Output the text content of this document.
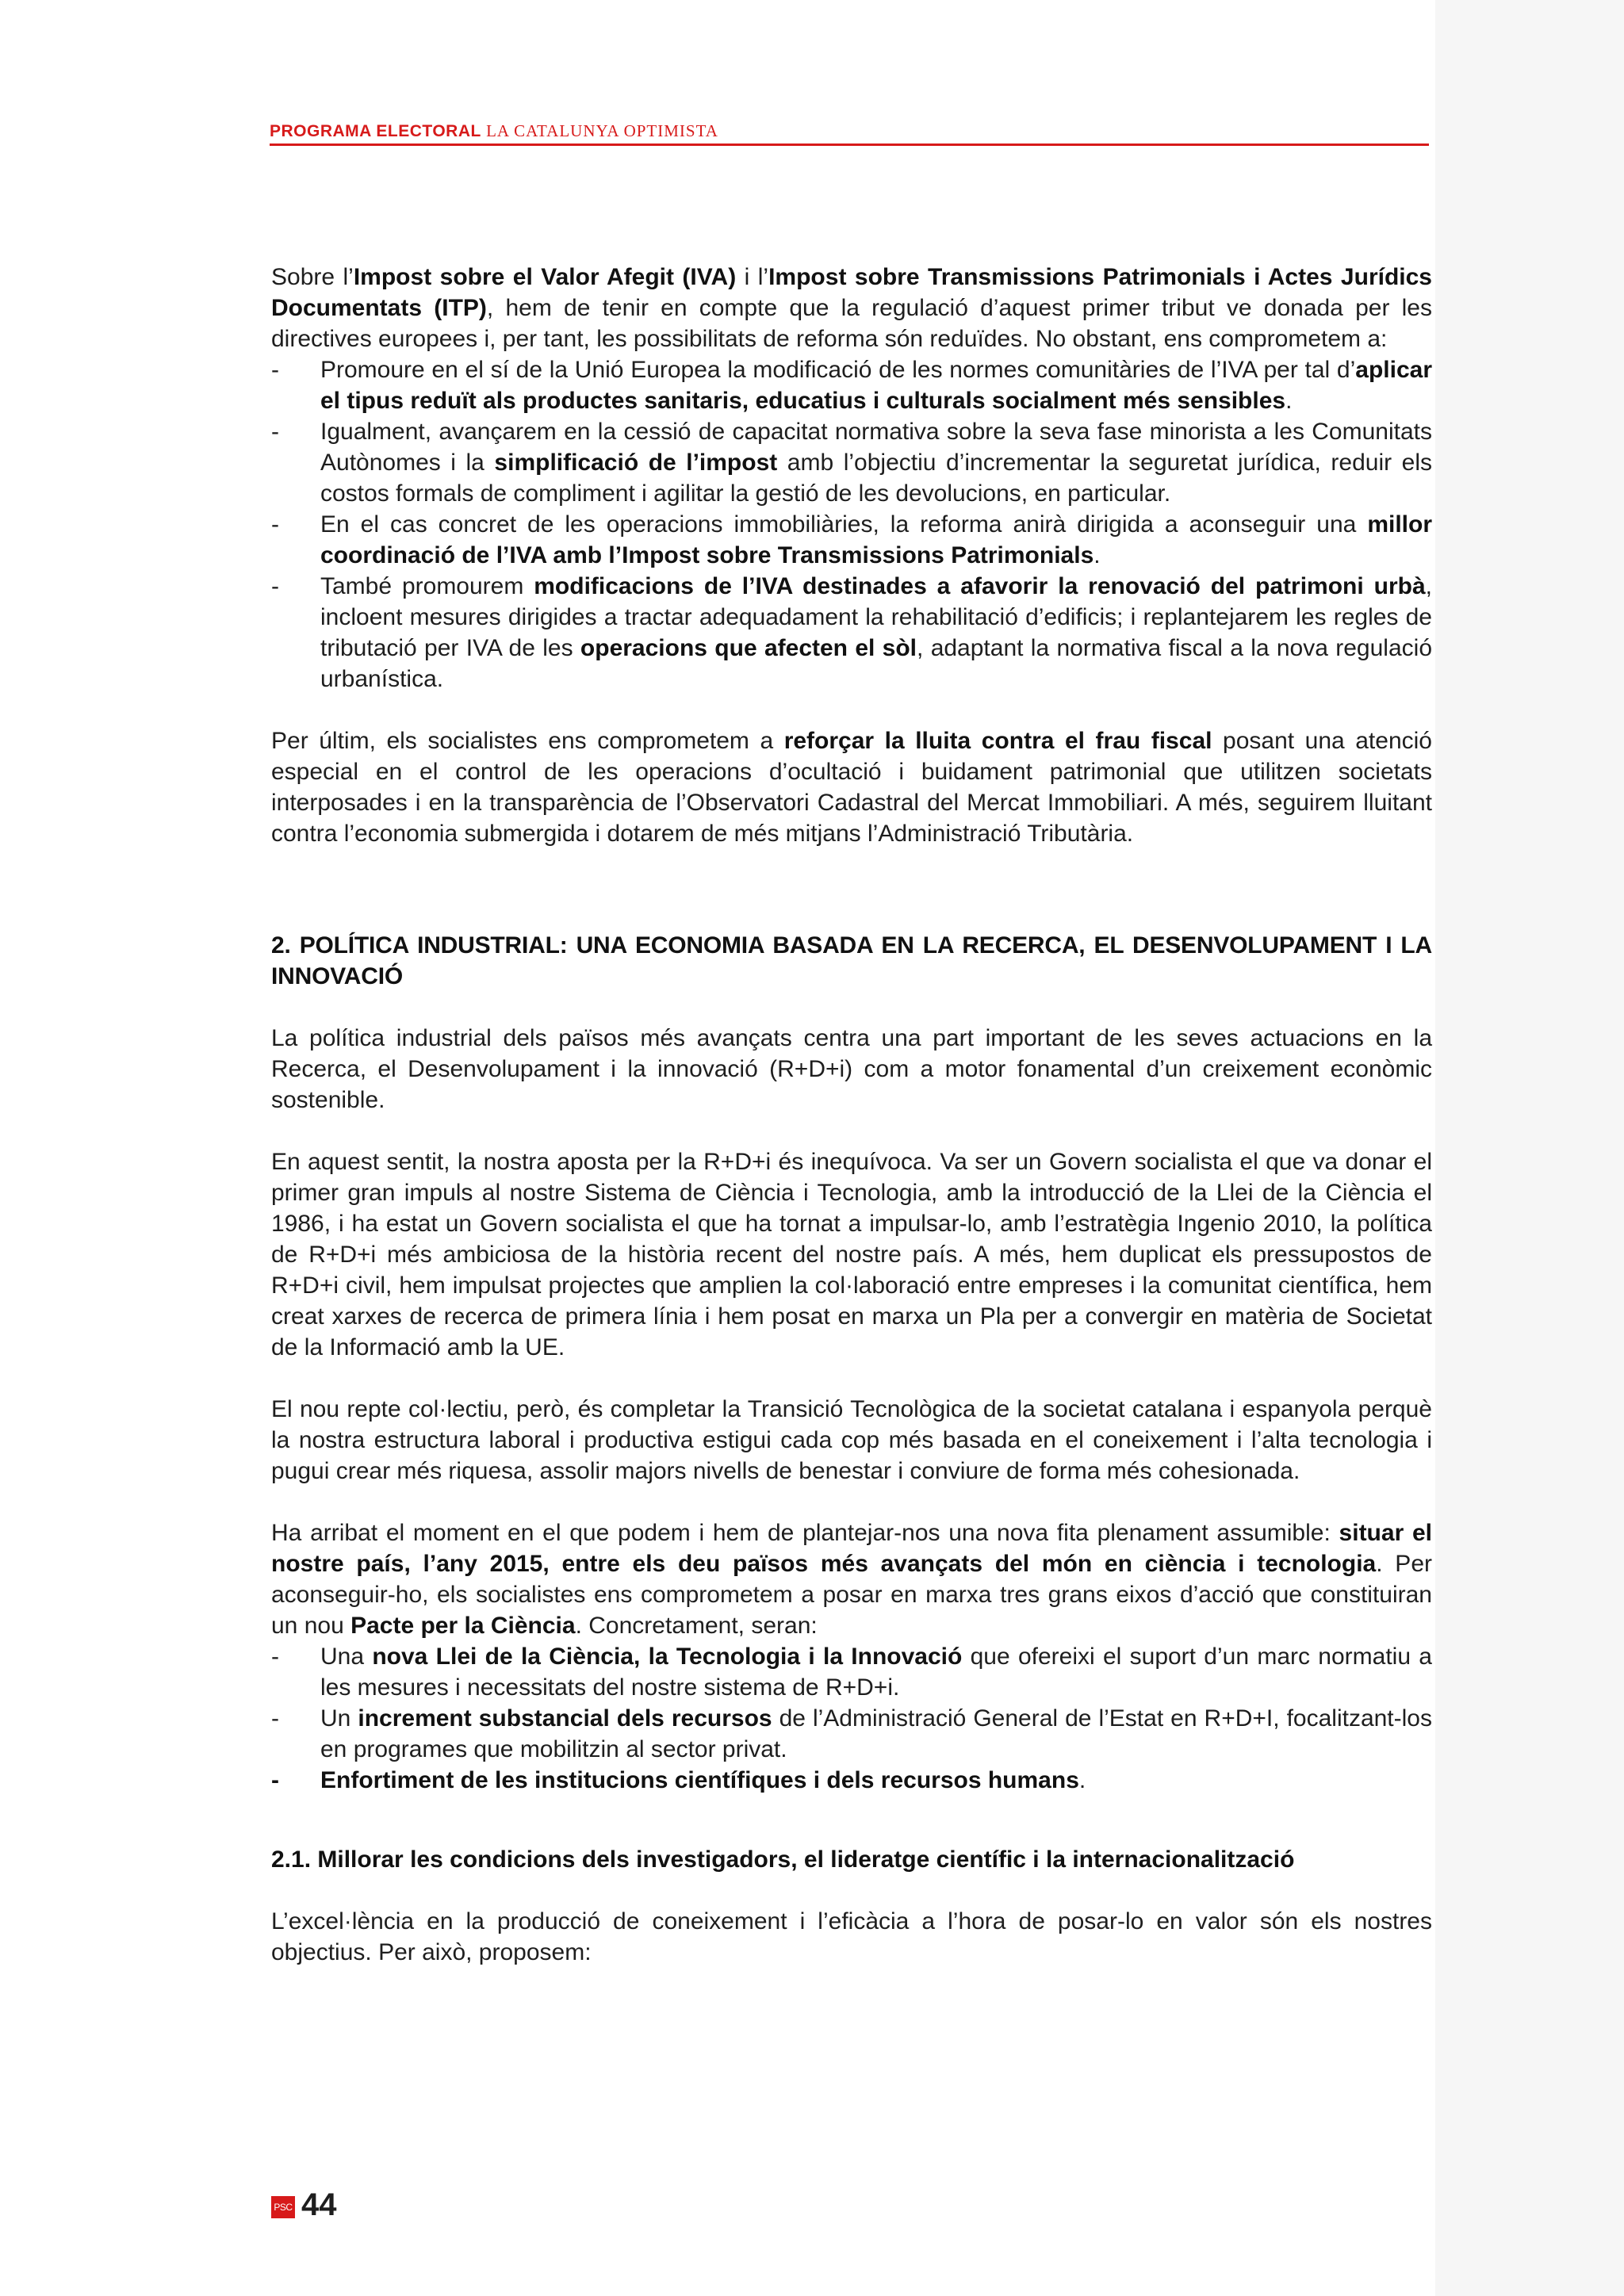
PROGRAMA ELECTORAL LA CATALUNYA OPTIMISTA

Sobre l’Impost sobre el Valor Afegit (IVA) i l’Impost sobre Transmissions Patrimonials i Actes Jurídics Documentats (ITP), hem de tenir en compte que la regulació d’aquest primer tribut ve donada per les directives europees i, per tant, les possibilitats de reforma són reduïdes. No obstant, ens comprometem a:

- Promoure en el sí de la Unió Europea la modificació de les normes comunitàries de l’IVA per tal d’aplicar el tipus reduït als productes sanitaris, educatius i culturals socialment més sensibles.
- Igualment, avançarem en la cessió de capacitat normativa sobre la seva fase minorista a les Comunitats Autònomes i la simplificació de l’impost amb l’objectiu d’incrementar la seguretat jurídica, reduir els costos formals de compliment i agilitar la gestió de les devolucions, en particular.
- En el cas concret de les operacions immobiliàries, la reforma anirà dirigida a aconseguir una millor coordinació de l’IVA amb l’Impost sobre Transmissions Patrimonials.
- També promourem modificacions de l’IVA destinades a afavorir la renovació del patrimoni urbà, incloent mesures dirigides a tractar adequadament la rehabilitació d’edificis; i replantejarem les regles de tributació per IVA de les operacions que afecten el sòl, adaptant la normativa fiscal a la nova regulació urbanística.

Per últim, els socialistes ens comprometem a reforçar la lluita contra el frau fiscal posant una atenció especial en el control de les operacions d’ocultació i buidament patrimonial que utilitzen societats interposades i en la transparència de l’Observatori Cadastral del Mercat Immobiliari. A més, seguirem lluitant contra l’economia submergida i dotarem de més mitjans l’Administració Tributària.

2. POLÍTICA INDUSTRIAL: UNA ECONOMIA BASADA EN LA RECERCA, EL DESENVOLUPAMENT I LA INNOVACIÓ

La política industrial dels països més avançats centra una part important de les seves actuacions en la Recerca, el Desenvolupament i la innovació (R+D+i) com a motor fonamental d’un creixement econòmic sostenible.

En aquest sentit, la nostra aposta per la R+D+i és inequívoca. Va ser un Govern socialista el que va donar el primer gran impuls al nostre Sistema de Ciència i Tecnologia, amb la introducció de la Llei de la Ciència el 1986, i ha estat un Govern socialista el que ha tornat a impulsar-lo, amb l’estratègia Ingenio 2010, la política de R+D+i més ambiciosa de la història recent del nostre país. A més, hem duplicat els pressupostos de R+D+i civil, hem impulsat projectes que amplien la col·laboració entre empreses i la comunitat científica, hem creat xarxes de recerca de primera línia i hem posat en marxa un Pla per a convergir en matèria de Societat de la Informació amb la UE.

El nou repte col·lectiu, però, és completar la Transició Tecnològica de la societat catalana i espanyola perquè la nostra estructura laboral i productiva estigui cada cop més basada en el coneixement i l’alta tecnologia i pugui crear més riquesa, assolir majors nivells de benestar i conviure de forma més cohesionada.

Ha arribat el moment en el que podem i hem de plantejar-nos una nova fita plenament assumible: situar el nostre país, l’any 2015, entre els deu països més avançats del món en ciència i tecnologia. Per aconseguir-ho, els socialistes ens comprometem a posar en marxa tres grans eixos d’acció que constituiran un nou Pacte per la Ciència. Concretament, seran:

- Una nova Llei de la Ciència, la Tecnologia i la Innovació que ofereixi el suport d’un marc normatiu a les mesures i necessitats del nostre sistema de R+D+i.
- Un increment substancial dels recursos de l’Administració General de l’Estat en R+D+I, focalitzant-los en programes que mobilitzin al sector privat.
- Enfortiment de les institucions científiques i dels recursos humans.

2.1. Millorar les condicions dels investigadors, el lideratge científic i la internacionalització

L’excel·lència en la producció de coneixement i l’eficàcia a l’hora de posar-lo en valor són els nostres objectius. Per això, proposem:

PSC 44
